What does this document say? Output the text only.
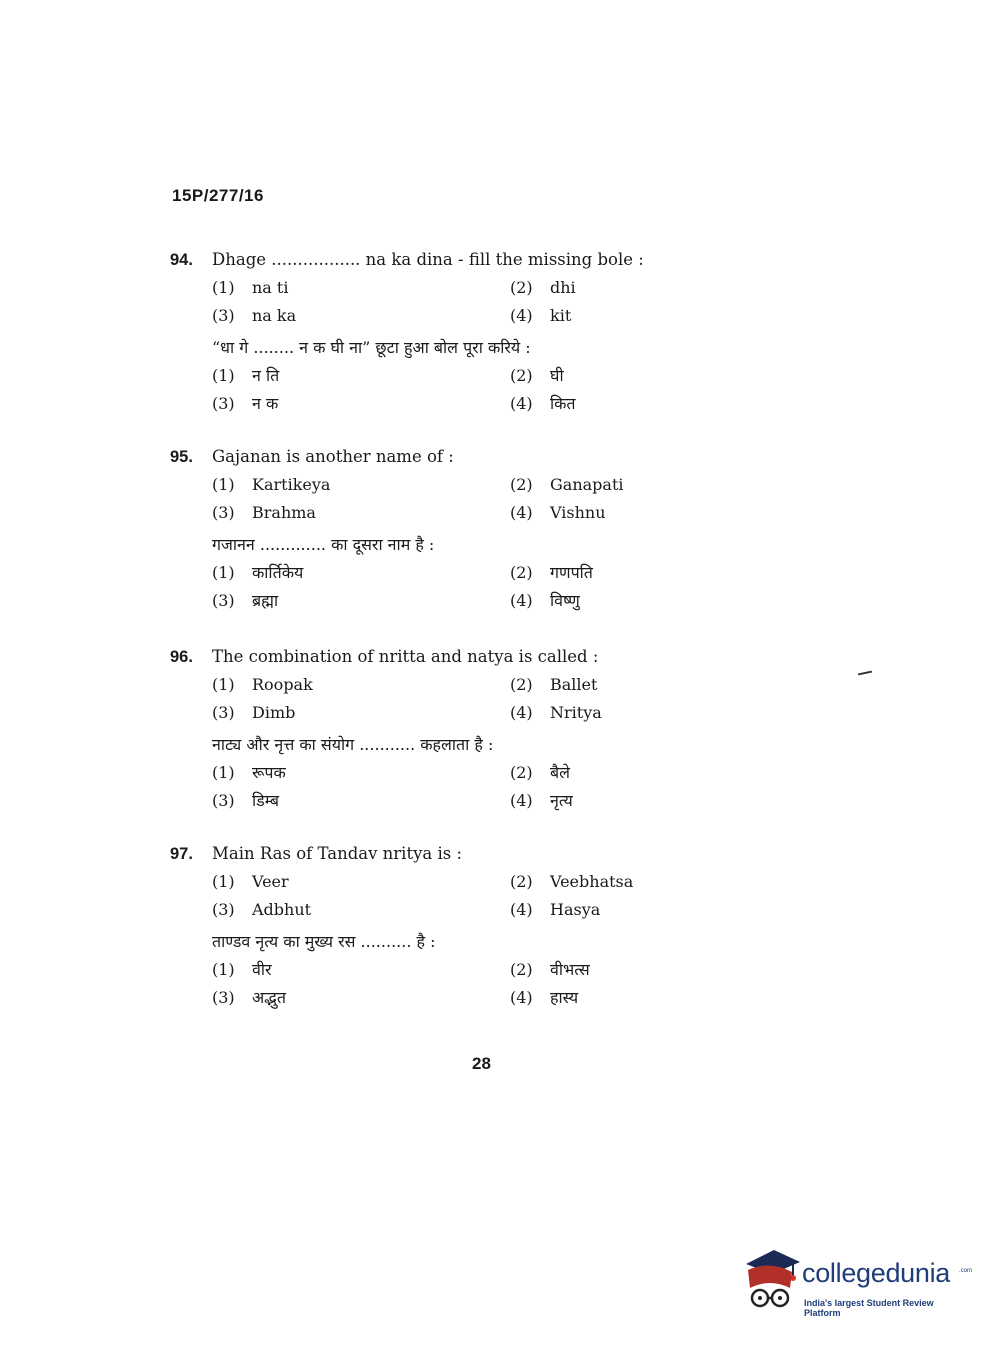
15P/277/16
94. Dhage ................. na ka dina - fill the missing bole :
(1) na ti	(2) dhi
(3) na ka	(4) kit
“धा गे ........ न क घी ना” छूटा हुआ बोल पूरा करिये :
(1) न ति	(2) घी
(3) न क	(4) कित
95. Gajanan is another name of :
(1) Kartikeya	(2) Ganapati
(3) Brahma	(4) Vishnu
गजानन ............. का दूसरा नाम है :
(1) कार्तिकेय	(2) गणपति
(3) ब्रह्मा	(4) विष्णु
96. The combination of nritta and natya is called :
(1) Roopak	(2) Ballet
(3) Dimb	(4) Nritya
नाट्य और नृत्त का संयोग ........... कहलाता है :
(1) रूपक	(2) बैले
(3) डिम्ब	(4) नृत्य
97. Main Ras of Tandav nritya is :
(1) Veer	(2) Veebhatsa
(3) Adbhut	(4) Hasya
ताण्डव नृत्य का मुख्य रस .......... है :
(1) वीर	(2) वीभत्स
(3) अद्भुत	(4) हास्य
28
collegedunia .com
India's largest Student Review Platform
